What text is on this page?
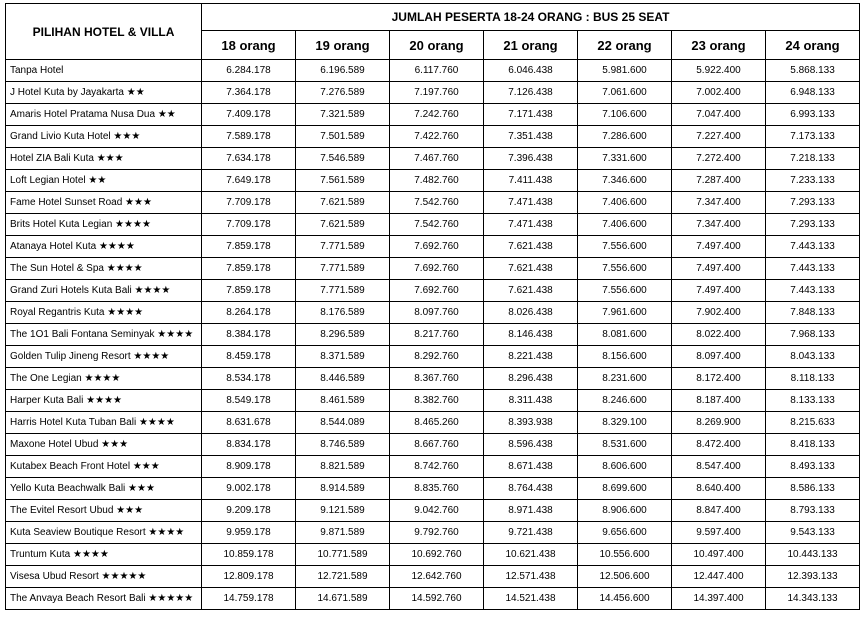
PILIHAN HOTEL & VILLA	JUMLAH PESERTA 18-24 ORANG : BUS 25 SEAT						
	18 orang	19 orang	20 orang	21 orang	22 orang	23 orang	24 orang
Tanpa Hotel	6.284.178	6.196.589	6.117.760	6.046.438	5.981.600	5.922.400	5.868.133
J Hotel Kuta by Jayakarta ★★	7.364.178	7.276.589	7.197.760	7.126.438	7.061.600	7.002.400	6.948.133
Amaris Hotel Pratama Nusa Dua ★★	7.409.178	7.321.589	7.242.760	7.171.438	7.106.600	7.047.400	6.993.133
Grand Livio Kuta Hotel ★★★	7.589.178	7.501.589	7.422.760	7.351.438	7.286.600	7.227.400	7.173.133
Hotel ZIA Bali Kuta ★★★	7.634.178	7.546.589	7.467.760	7.396.438	7.331.600	7.272.400	7.218.133
Loft Legian Hotel ★★	7.649.178	7.561.589	7.482.760	7.411.438	7.346.600	7.287.400	7.233.133
Fame Hotel Sunset Road ★★★	7.709.178	7.621.589	7.542.760	7.471.438	7.406.600	7.347.400	7.293.133
Brits Hotel Kuta Legian ★★★★	7.709.178	7.621.589	7.542.760	7.471.438	7.406.600	7.347.400	7.293.133
Atanaya Hotel Kuta ★★★★	7.859.178	7.771.589	7.692.760	7.621.438	7.556.600	7.497.400	7.443.133
The Sun Hotel & Spa ★★★★	7.859.178	7.771.589	7.692.760	7.621.438	7.556.600	7.497.400	7.443.133
Grand Zuri Hotels Kuta Bali ★★★★	7.859.178	7.771.589	7.692.760	7.621.438	7.556.600	7.497.400	7.443.133
Royal Regantris Kuta ★★★★	8.264.178	8.176.589	8.097.760	8.026.438	7.961.600	7.902.400	7.848.133
The 1O1 Bali Fontana Seminyak ★★★★	8.384.178	8.296.589	8.217.760	8.146.438	8.081.600	8.022.400	7.968.133
Golden Tulip Jineng Resort ★★★★	8.459.178	8.371.589	8.292.760	8.221.438	8.156.600	8.097.400	8.043.133
The One Legian ★★★★	8.534.178	8.446.589	8.367.760	8.296.438	8.231.600	8.172.400	8.118.133
Harper Kuta Bali ★★★★	8.549.178	8.461.589	8.382.760	8.311.438	8.246.600	8.187.400	8.133.133
Harris Hotel Kuta Tuban Bali ★★★★	8.631.678	8.544.089	8.465.260	8.393.938	8.329.100	8.269.900	8.215.633
Maxone Hotel Ubud ★★★	8.834.178	8.746.589	8.667.760	8.596.438	8.531.600	8.472.400	8.418.133
Kutabex Beach Front Hotel ★★★	8.909.178	8.821.589	8.742.760	8.671.438	8.606.600	8.547.400	8.493.133
Yello Kuta Beachwalk Bali ★★★	9.002.178	8.914.589	8.835.760	8.764.438	8.699.600	8.640.400	8.586.133
The Evitel Resort Ubud ★★★	9.209.178	9.121.589	9.042.760	8.971.438	8.906.600	8.847.400	8.793.133
Kuta Seaview Boutique Resort ★★★★	9.959.178	9.871.589	9.792.760	9.721.438	9.656.600	9.597.400	9.543.133
Truntum Kuta ★★★★	10.859.178	10.771.589	10.692.760	10.621.438	10.556.600	10.497.400	10.443.133
Visesa Ubud Resort ★★★★★	12.809.178	12.721.589	12.642.760	12.571.438	12.506.600	12.447.400	12.393.133
The Anvaya Beach Resort Bali ★★★★★	14.759.178	14.671.589	14.592.760	14.521.438	14.456.600	14.397.400	14.343.133
